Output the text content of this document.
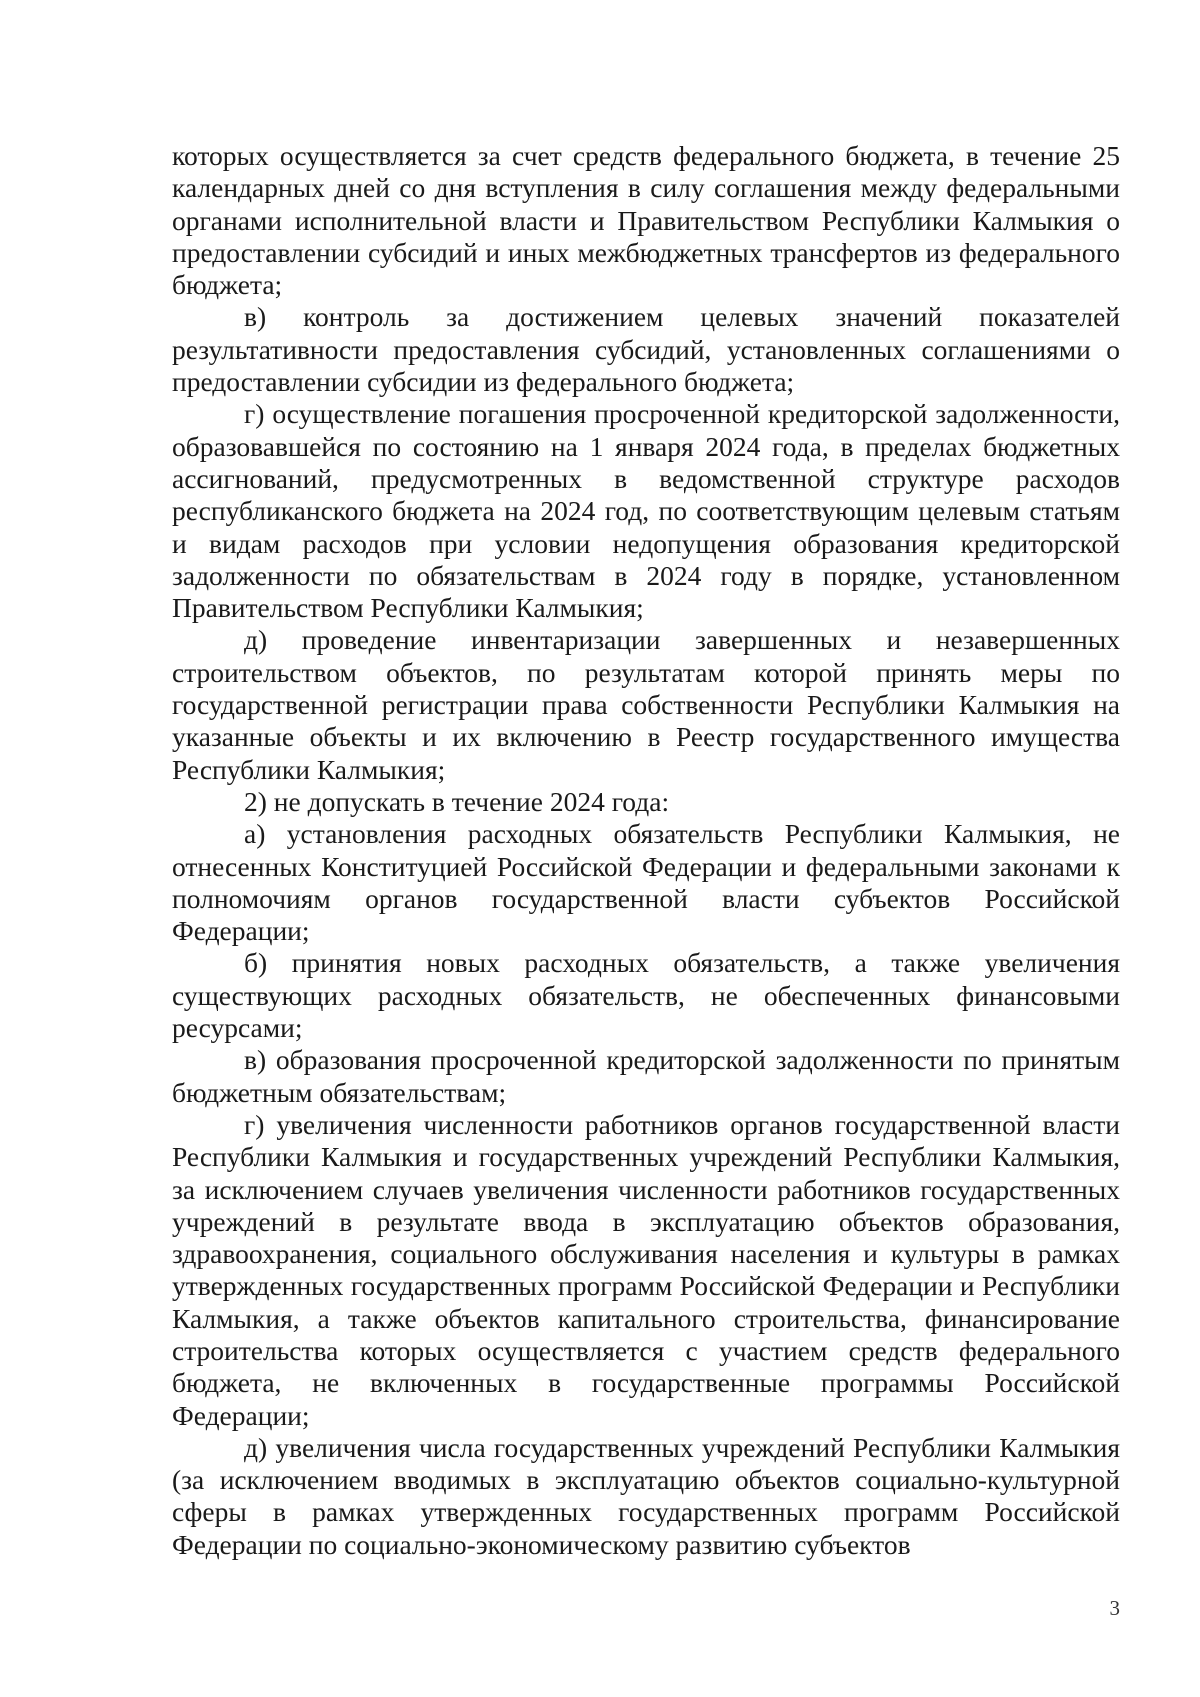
которых осуществляется за счет средств федерального бюджета, в течение 25 календарных дней со дня вступления в силу соглашения между федеральными органами исполнительной власти и Правительством Республики Калмыкия о предоставлении субсидий и иных межбюджетных трансфертов из федерального бюджета;

в) контроль за достижением целевых значений показателей результативности предоставления субсидий, установленных соглашениями о предоставлении субсидии из федерального бюджета;

г) осуществление погашения просроченной кредиторской задолженности, образовавшейся по состоянию на 1 января 2024 года, в пределах бюджетных ассигнований, предусмотренных в ведомственной структуре расходов республиканского бюджета на 2024 год, по соответствующим целевым статьям и видам расходов при условии недопущения образования кредиторской задолженности по обязательствам в 2024 году в порядке, установленном Правительством Республики Калмыкия;

д) проведение инвентаризации завершенных и незавершенных строительством объектов, по результатам которой принять меры по государственной регистрации права собственности Республики Калмыкия на указанные объекты и их включению в Реестр государственного имущества Республики Калмыкия;

2) не допускать в течение 2024 года:

а) установления расходных обязательств Республики Калмыкия, не отнесенных Конституцией Российской Федерации и федеральными законами к полномочиям органов государственной власти субъектов Российской Федерации;

б) принятия новых расходных обязательств, а также увеличения существующих расходных обязательств, не обеспеченных финансовыми ресурсами;

в) образования просроченной кредиторской задолженности по принятым бюджетным обязательствам;

г) увеличения численности работников органов государственной власти Республики Калмыкия и государственных учреждений Республики Калмыкия, за исключением случаев увеличения численности работников государственных учреждений в результате ввода в эксплуатацию объектов образования, здравоохранения, социального обслуживания населения и культуры в рамках утвержденных государственных программ Российской Федерации и Республики Калмыкия, а также объектов капитального строительства, финансирование строительства которых осуществляется с участием средств федерального бюджета, не включенных в государственные программы Российской Федерации;

д) увеличения числа государственных учреждений Республики Калмыкия (за исключением вводимых в эксплуатацию объектов социально-культурной сферы в рамках утвержденных государственных программ Российской Федерации по социально-экономическому развитию субъектов

3
